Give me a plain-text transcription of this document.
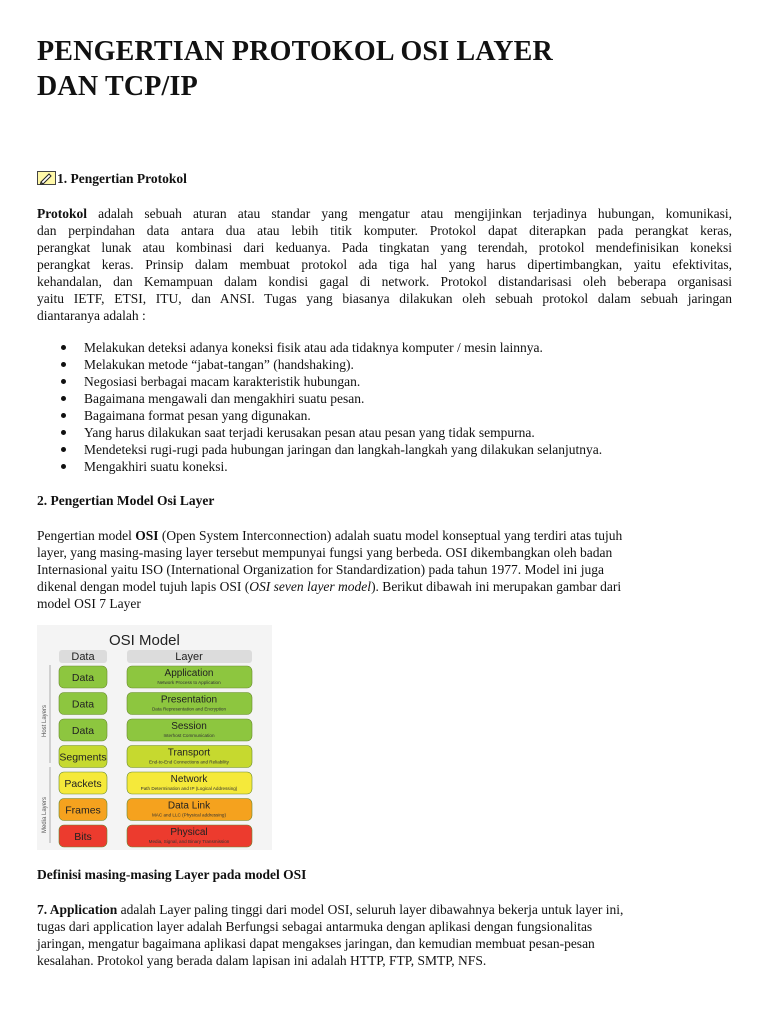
PENGERTIAN PROTOKOL OSI LAYER
DAN TCP/IP

1. Pengertian Protokol

Protokol adalah sebuah aturan atau standar yang mengatur atau mengijinkan terjadinya hubungan, komunikasi,
dan perpindahan data antara dua atau lebih titik komputer. Protokol dapat diterapkan pada perangkat keras,
perangkat lunak atau kombinasi dari keduanya. Pada tingkatan yang terendah, protokol mendefinisikan koneksi
perangkat keras. Prinsip dalam membuat protokol ada tiga hal yang harus dipertimbangkan, yaitu efektivitas,
kehandalan, dan Kemampuan dalam kondisi gagal di network. Protokol distandarisasi oleh beberapa organisasi
yaitu IETF, ETSI, ITU, dan ANSI. Tugas yang biasanya dilakukan oleh sebuah protokol dalam sebuah jaringan
diantaranya adalah :

Melakukan deteksi adanya koneksi fisik atau ada tidaknya komputer / mesin lainnya.
Melakukan metode “jabat-tangan” (handshaking).
Negosiasi berbagai macam karakteristik hubungan.
Bagaimana mengawali dan mengakhiri suatu pesan.
Bagaimana format pesan yang digunakan.
Yang harus dilakukan saat terjadi kerusakan pesan atau pesan yang tidak sempurna.
Mendeteksi rugi-rugi pada hubungan jaringan dan langkah-langkah yang dilakukan selanjutnya.
Mengakhiri suatu koneksi.

2. Pengertian Model Osi Layer

Pengertian model OSI (Open System Interconnection) adalah suatu model konseptual yang terdiri atas tujuh
layer, yang masing-masing layer tersebut mempunyai fungsi yang berbeda. OSI dikembangkan oleh badan
Internasional yaitu ISO (International Organization for Standardization) pada tahun 1977. Model ini juga
dikenal dengan model tujuh lapis OSI (OSI seven layer model). Berikut dibawah ini merupakan gambar dari
model OSI 7 Layer

OSI Model
Data	Layer
Host Layers
Media Layers
Data	Application
Network Process to Application
Data	Presentation
Data Representation and Encryption
Data	Session
Interhost Communication
Segments	Transport
End-to-End Connections and Reliability
Packets	Network
Path Determination and IP (Logical Addressing)
Frames	Data Link
MAC and LLC (Physical addressing)
Bits	Physical
Media, Signal, and Binary Transmission

Definisi masing-masing Layer pada model OSI

7. Application adalah Layer paling tinggi dari model OSI, seluruh layer dibawahnya bekerja untuk layer ini,
tugas dari application layer adalah Berfungsi sebagai antarmuka dengan aplikasi dengan fungsionalitas
jaringan, mengatur bagaimana aplikasi dapat mengakses jaringan, dan kemudian membuat pesan-pesan
kesalahan. Protokol yang berada dalam lapisan ini adalah HTTP, FTP, SMTP, NFS.
